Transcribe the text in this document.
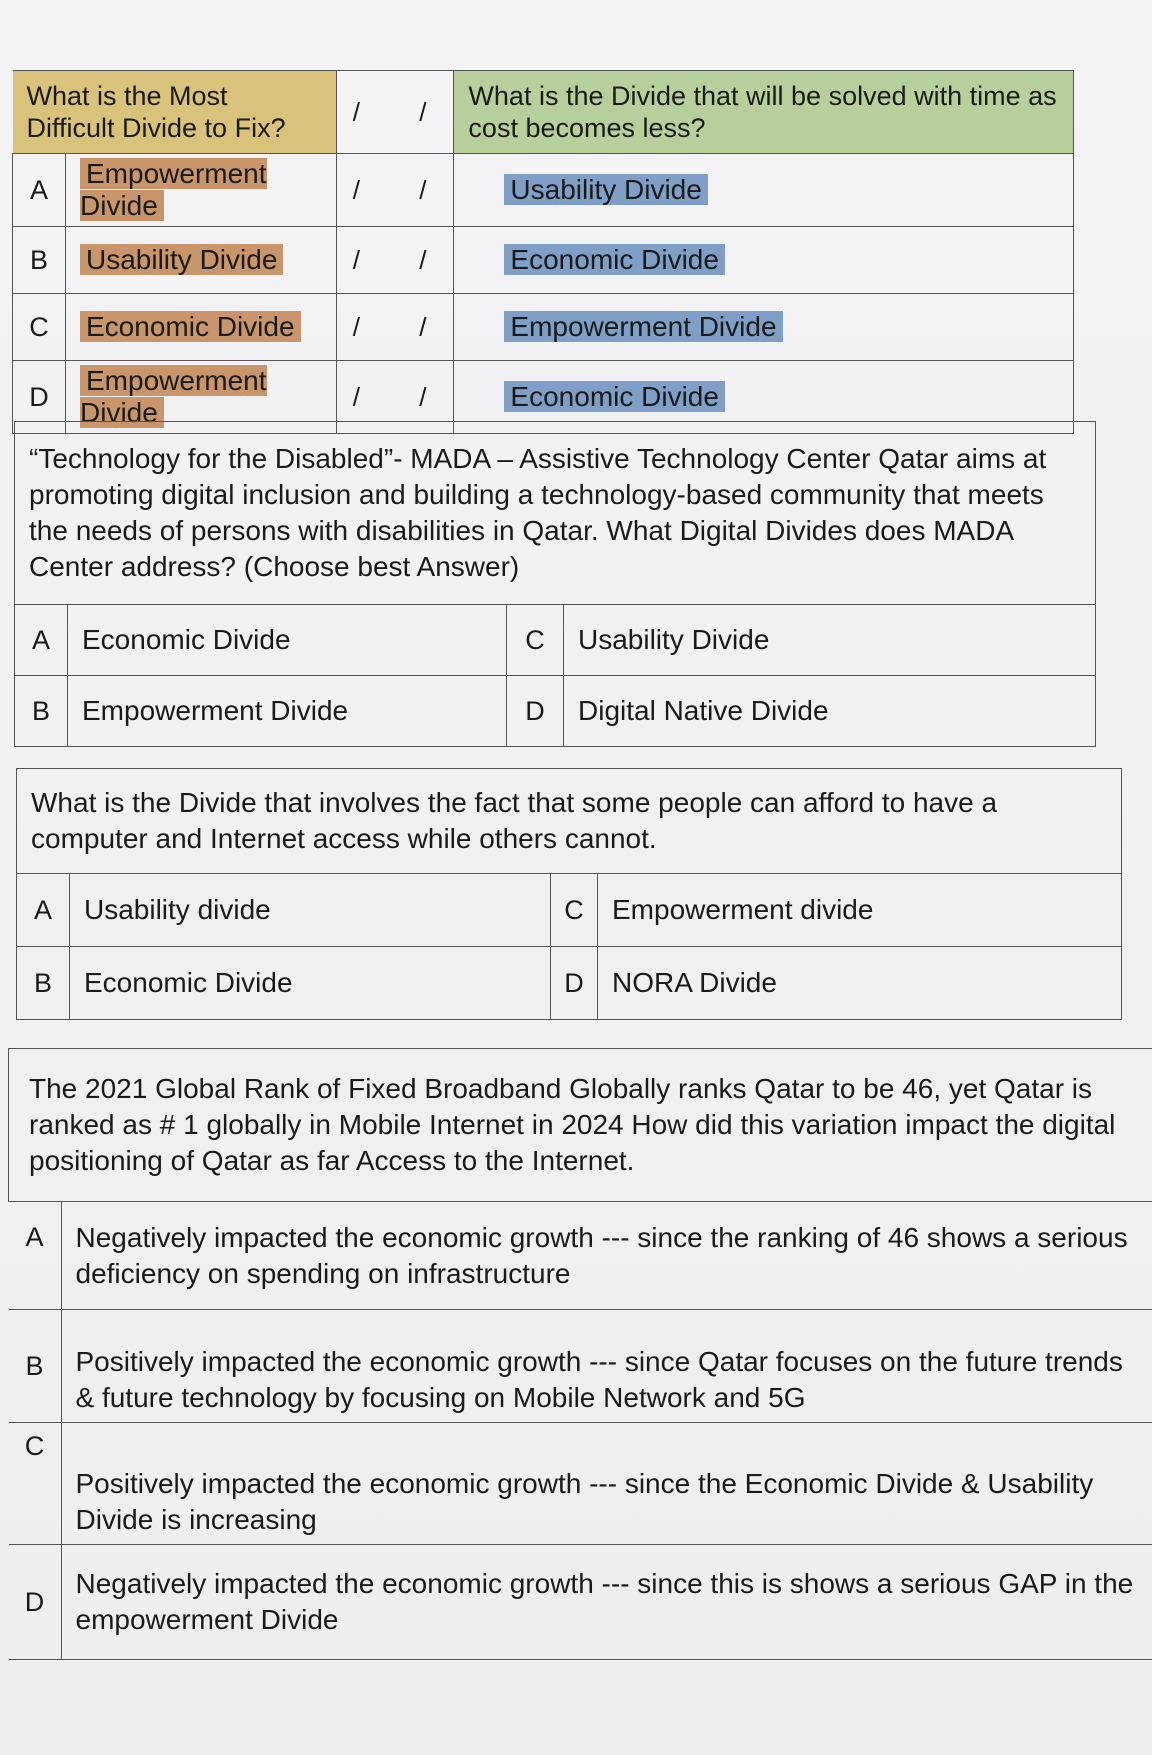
What is the Most Difficult Divide to Fix?		/ /	What is the Divide that will be solved with time as cost becomes less?
A	Empowerment Divide	/ /	Usability Divide
B	Usability Divide	/ /	Economic Divide
C	Economic Divide	/ /	Empowerment Divide
D	Empowerment Divide	/ /	Economic Divide
“Technology for the Disabled”- MADA – Assistive Technology Center Qatar aims at promoting digital inclusion and building a technology-based community that meets the needs of persons with disabilities in Qatar. What Digital Divides does MADA Center address? (Choose best Answer)			
A	Economic Divide	C	Usability Divide
B	Empowerment Divide	D	Digital Native Divide
What is the Divide that involves the fact that some people can afford to have a computer and Internet access while others cannot.			
A	Usability divide	C	Empowerment divide
B	Economic Divide	D	NORA Divide
The 2021 Global Rank of Fixed Broadband Globally ranks Qatar to be 46, yet Qatar is ranked as # 1 globally in Mobile Internet in 2024 How did this variation impact the digital positioning of Qatar as far Access to the Internet.	
A	Negatively impacted the economic growth --- since the ranking of 46 shows a serious deficiency on spending on infrastructure
B	Positively impacted the economic growth --- since Qatar focuses on the future trends & future technology by focusing on Mobile Network and 5G
C	Positively impacted the economic growth --- since the Economic Divide & Usability Divide is increasing
D	Negatively impacted the economic growth --- since this is shows a serious GAP in the empowerment Divide
